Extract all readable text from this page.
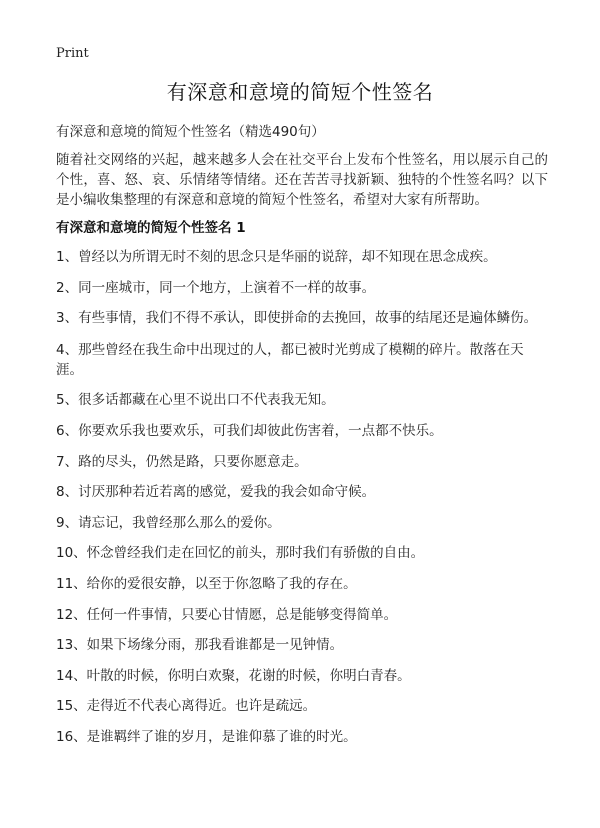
Print
有深意和意境的简短个性签名

有深意和意境的简短个性签名（精选490句）

随着社交网络的兴起，越来越多人会在社交平台上发布个性签名，用以展示自己的个性，喜、怒、哀、乐情绪等情绪。还在苦苦寻找新颖、独特的个性签名吗？以下是小编收集整理的有深意和意境的简短个性签名，希望对大家有所帮助。

有深意和意境的简短个性签名 1
1、曾经以为所谓无时不刻的思念只是华丽的说辞，却不知现在思念成疾。
2、同一座城市，同一个地方，上演着不一样的故事。
3、有些事情，我们不得不承认，即使拼命的去挽回，故事的结尾还是遍体鳞伤。
4、那些曾经在我生命中出现过的人，都已被时光剪成了模糊的碎片。散落在天涯。
5、很多话都藏在心里不说出口不代表我无知。
6、你要欢乐我也要欢乐，可我们却彼此伤害着，一点都不快乐。
7、路的尽头，仍然是路，只要你愿意走。
8、讨厌那种若近若离的感觉，爱我的我会如命守候。
9、请忘记，我曾经那么那么的爱你。
10、怀念曾经我们走在回忆的前头，那时我们有骄傲的自由。
11、给你的爱很安静，以至于你忽略了我的存在。
12、任何一件事情，只要心甘情愿，总是能够变得简单。
13、如果下场缘分雨，那我看谁都是一见钟情。
14、叶散的时候，你明白欢聚，花谢的时候，你明白青春。
15、走得近不代表心离得近。也许是疏远。
16、是谁羁绊了谁的岁月，是谁仰慕了谁的时光。
